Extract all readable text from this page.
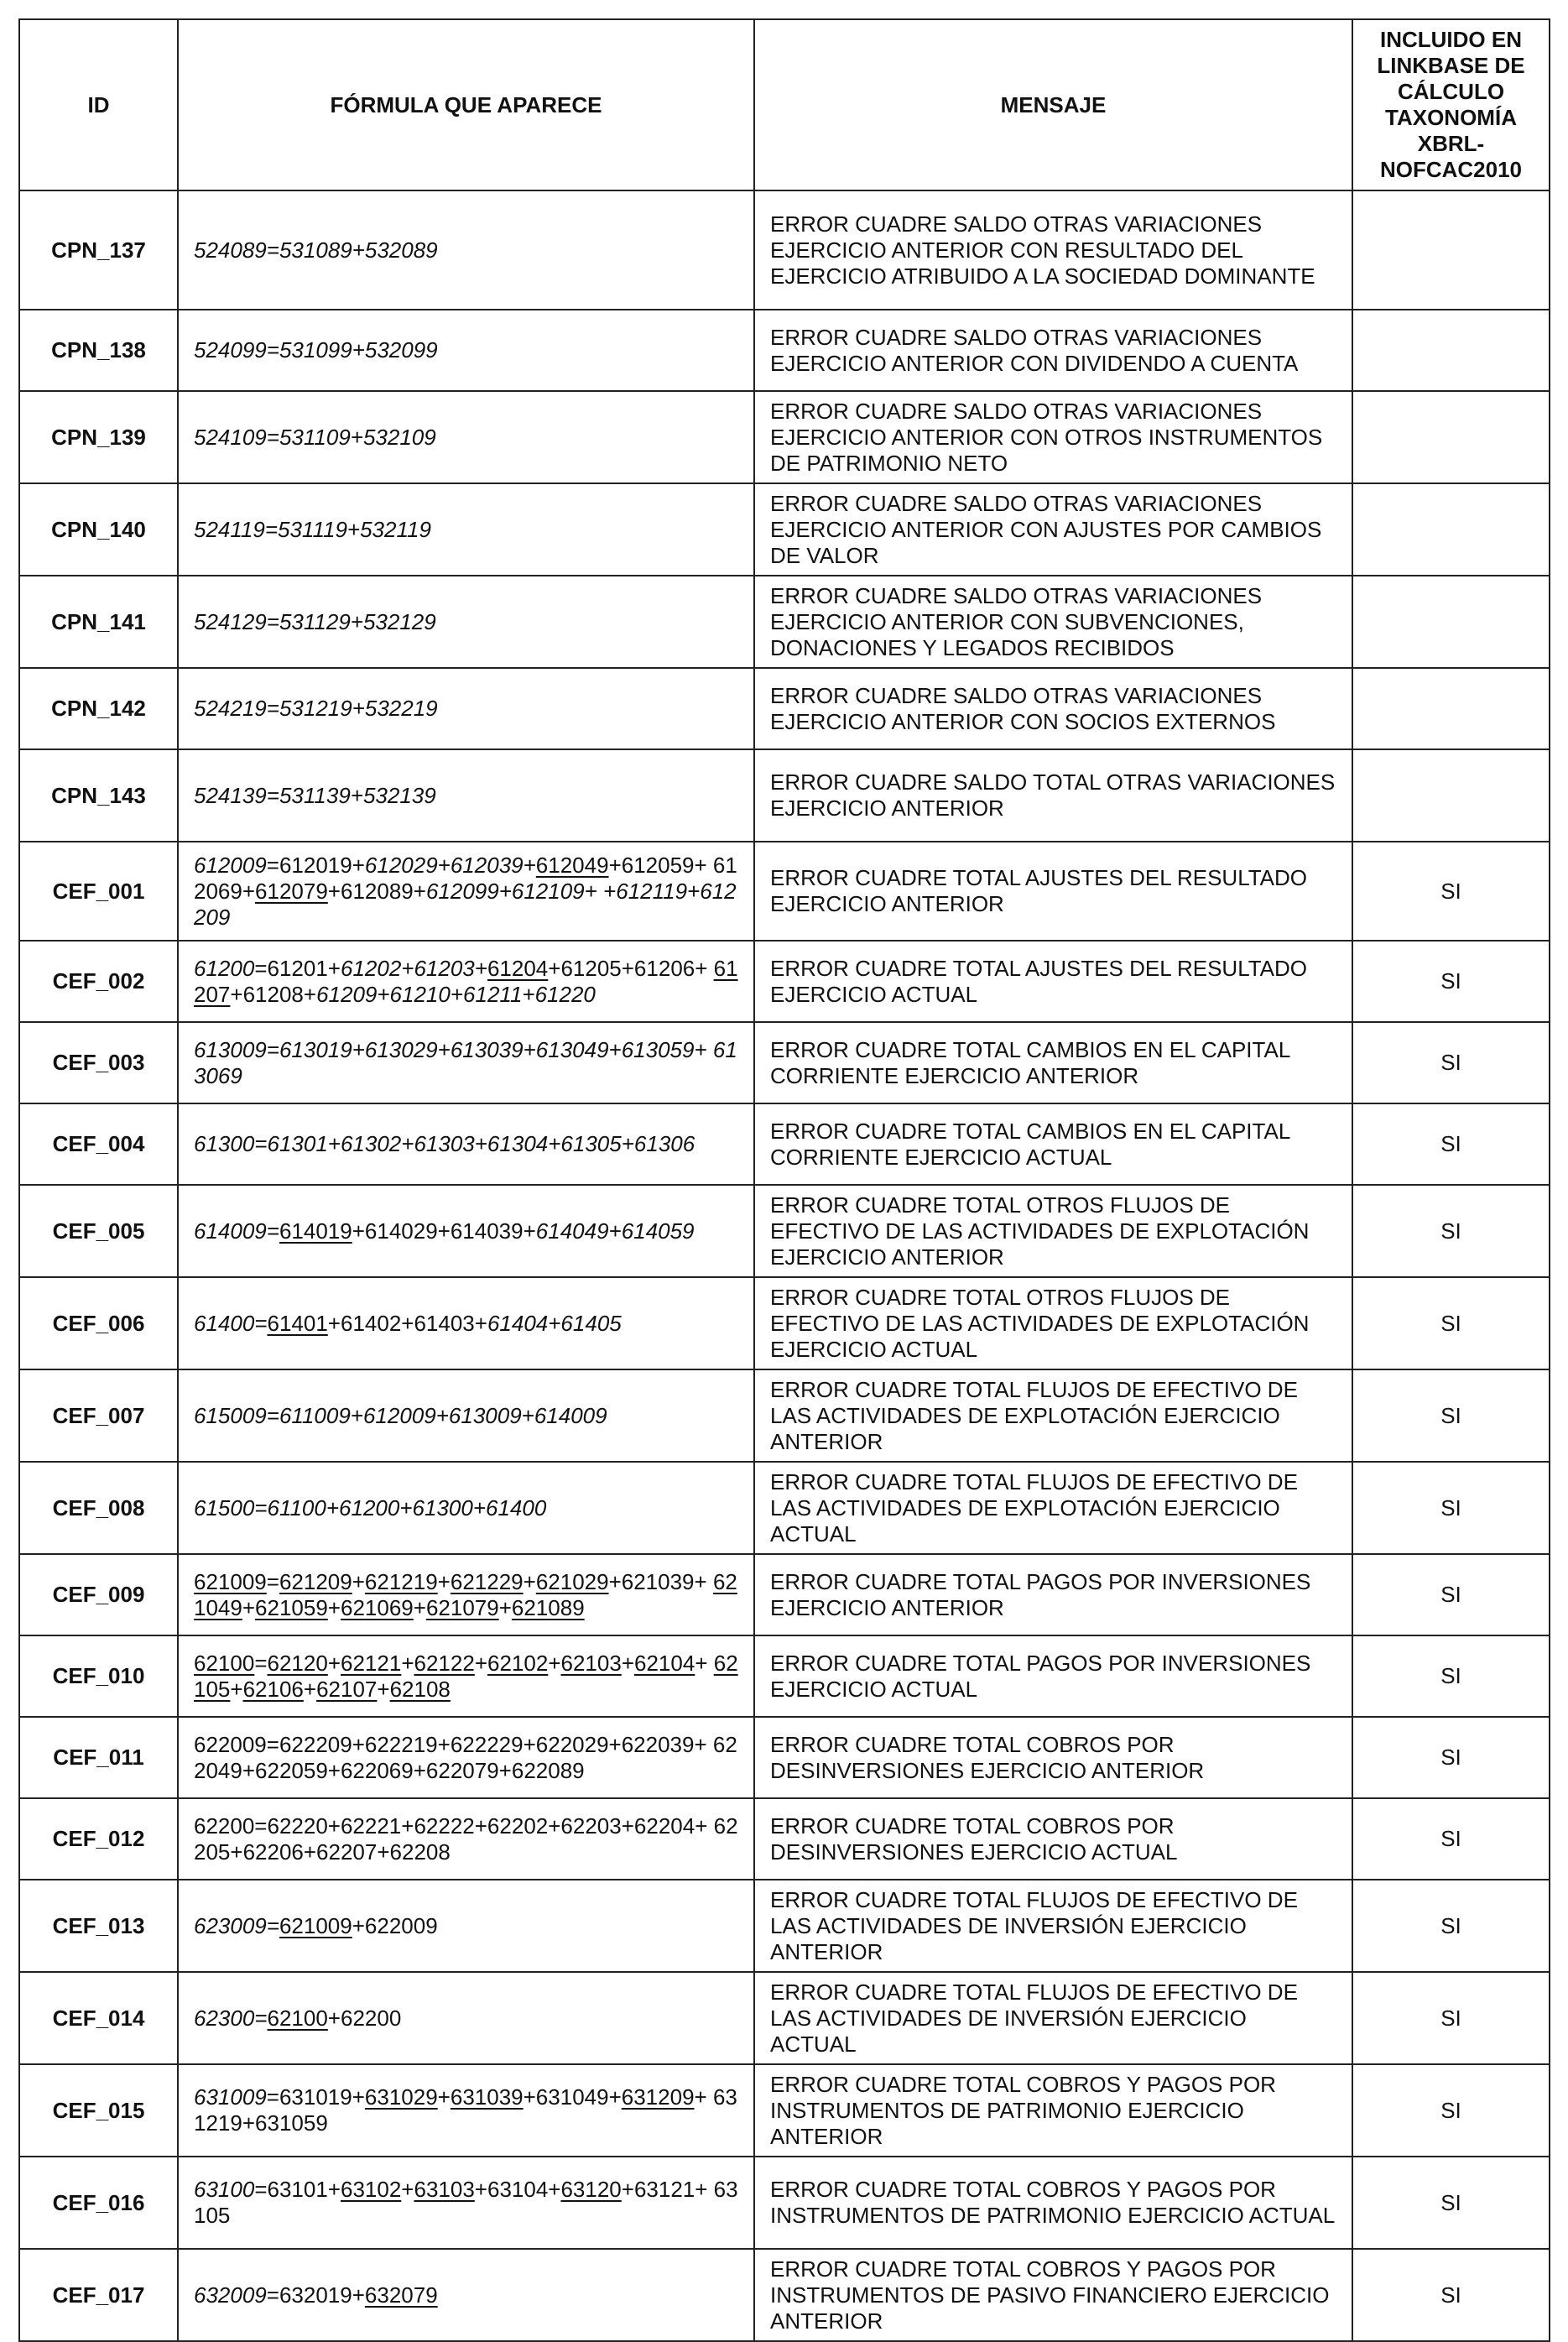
ID	FÓRMULA QUE APARECE	MENSAJE	INCLUIDO EN LINKBASE DE CÁLCULO TAXONOMÍA XBRL-NOFCAC2010
CPN_137	524089=531089+532089	ERROR CUADRE SALDO OTRAS VARIACIONES EJERCICIO ANTERIOR CON RESULTADO DEL EJERCICIO ATRIBUIDO A LA SOCIEDAD DOMINANTE	
CPN_138	524099=531099+532099	ERROR CUADRE SALDO OTRAS VARIACIONES EJERCICIO ANTERIOR CON DIVIDENDO A CUENTA	
CPN_139	524109=531109+532109	ERROR CUADRE SALDO OTRAS VARIACIONES EJERCICIO ANTERIOR CON OTROS INSTRUMENTOS DE PATRIMONIO NETO	
CPN_140	524119=531119+532119	ERROR CUADRE SALDO OTRAS VARIACIONES EJERCICIO ANTERIOR CON AJUSTES POR CAMBIOS DE VALOR	
CPN_141	524129=531129+532129	ERROR CUADRE SALDO OTRAS VARIACIONES EJERCICIO ANTERIOR CON SUBVENCIONES, DONACIONES Y LEGADOS RECIBIDOS	
CPN_142	524219=531219+532219	ERROR CUADRE SALDO OTRAS VARIACIONES EJERCICIO ANTERIOR CON SOCIOS EXTERNOS	
CPN_143	524139=531139+532139	ERROR CUADRE SALDO TOTAL OTRAS VARIACIONES EJERCICIO ANTERIOR	
CEF_001	612009=612019+612029+612039+612049+612059+ 612069+612079+612089+612099+612109+ +612119+612209	ERROR CUADRE TOTAL AJUSTES DEL RESULTADO EJERCICIO ANTERIOR	SI
CEF_002	61200=61201+61202+61203+61204+61205+61206+ 61207+61208+61209+61210+61211+61220	ERROR CUADRE TOTAL AJUSTES DEL RESULTADO EJERCICIO ACTUAL	SI
CEF_003	613009=613019+613029+613039+613049+613059+ 613069	ERROR CUADRE TOTAL CAMBIOS EN EL CAPITAL CORRIENTE EJERCICIO ANTERIOR	SI
CEF_004	61300=61301+61302+61303+61304+61305+61306	ERROR CUADRE TOTAL CAMBIOS EN EL CAPITAL CORRIENTE EJERCICIO ACTUAL	SI
CEF_005	614009=614019+614029+614039+614049+614059	ERROR CUADRE TOTAL OTROS FLUJOS DE EFECTIVO DE LAS ACTIVIDADES DE EXPLOTACIÓN EJERCICIO ANTERIOR	SI
CEF_006	61400=61401+61402+61403+61404+61405	ERROR CUADRE TOTAL OTROS FLUJOS DE EFECTIVO DE LAS ACTIVIDADES DE EXPLOTACIÓN EJERCICIO ACTUAL	SI
CEF_007	615009=611009+612009+613009+614009	ERROR CUADRE TOTAL FLUJOS DE EFECTIVO DE LAS ACTIVIDADES DE EXPLOTACIÓN EJERCICIO ANTERIOR	SI
CEF_008	61500=61100+61200+61300+61400	ERROR CUADRE TOTAL FLUJOS DE EFECTIVO DE LAS ACTIVIDADES DE EXPLOTACIÓN EJERCICIO ACTUAL	SI
CEF_009	621009=621209+621219+621229+621029+621039+ 621049+621059+621069+621079+621089	ERROR CUADRE TOTAL PAGOS POR INVERSIONES EJERCICIO ANTERIOR	SI
CEF_010	62100=62120+62121+62122+62102+62103+62104+ 62105+62106+62107+62108	ERROR CUADRE TOTAL PAGOS POR INVERSIONES EJERCICIO ACTUAL	SI
CEF_011	622009=622209+622219+622229+622029+622039+ 622049+622059+622069+622079+622089	ERROR CUADRE TOTAL COBROS POR DESINVERSIONES EJERCICIO ANTERIOR	SI
CEF_012	62200=62220+62221+62222+62202+62203+62204+ 62205+62206+62207+62208	ERROR CUADRE TOTAL COBROS POR DESINVERSIONES EJERCICIO ACTUAL	SI
CEF_013	623009=621009+622009	ERROR CUADRE TOTAL FLUJOS DE EFECTIVO DE LAS ACTIVIDADES DE INVERSIÓN EJERCICIO ANTERIOR	SI
CEF_014	62300=62100+62200	ERROR CUADRE TOTAL FLUJOS DE EFECTIVO DE LAS ACTIVIDADES DE INVERSIÓN EJERCICIO ACTUAL	SI
CEF_015	631009=631019+631029+631039+631049+631209+ 631219+631059	ERROR CUADRE TOTAL COBROS Y PAGOS POR INSTRUMENTOS DE PATRIMONIO EJERCICIO ANTERIOR	SI
CEF_016	63100=63101+63102+63103+63104+63120+63121+ 63105	ERROR CUADRE TOTAL COBROS Y PAGOS POR INSTRUMENTOS DE PATRIMONIO EJERCICIO ACTUAL	SI
CEF_017	632009=632019+632079	ERROR CUADRE TOTAL COBROS Y PAGOS POR INSTRUMENTOS DE PASIVO FINANCIERO EJERCICIO ANTERIOR	SI
